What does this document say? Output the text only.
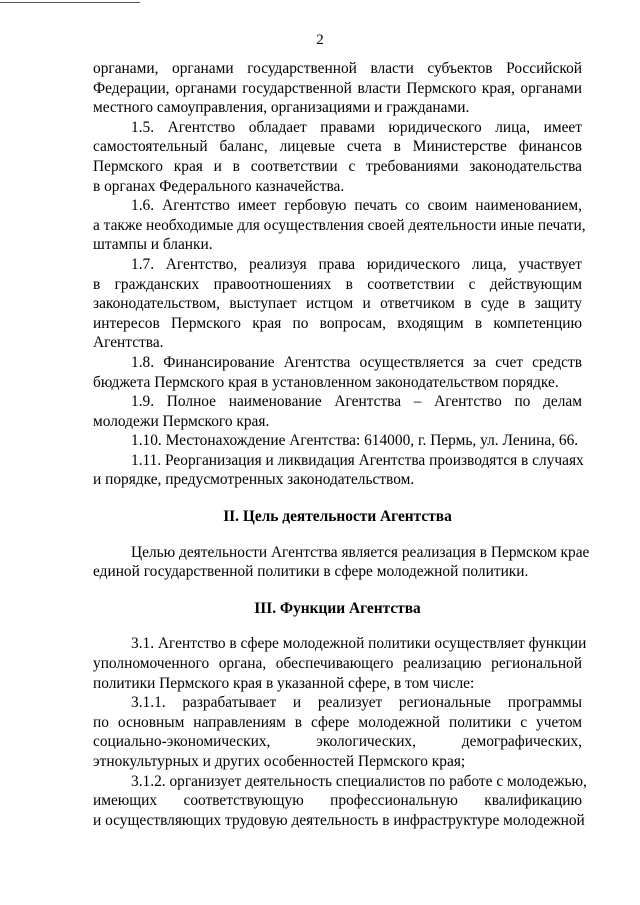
2
органами, органами государственной власти субъектов Российской
Федерации, органами государственной власти Пермского края, органами
местного самоуправления, организациями и гражданами.
1.5. Агентство обладает правами юридического лица, имеет
самостоятельный баланс, лицевые счета в Министерстве финансов
Пермского края и в соответствии с требованиями законодательства
в органах Федерального казначейства.
1.6. Агентство имеет гербовую печать со своим наименованием,
а также необходимые для осуществления своей деятельности иные печати,
штампы и бланки.
1.7. Агентство, реализуя права юридического лица, участвует
в гражданских правоотношениях в соответствии с действующим
законодательством, выступает истцом и ответчиком в суде в защиту
интересов Пермского края по вопросам, входящим в компетенцию
Агентства.
1.8. Финансирование Агентства осуществляется за счет средств
бюджета Пермского края в установленном законодательством порядке.
1.9. Полное наименование Агентства – Агентство по делам
молодежи Пермского края.
1.10. Местонахождение Агентства: 614000, г. Пермь, ул. Ленина, 66.
1.11. Реорганизация и ликвидация Агентства производятся в случаях
и порядке, предусмотренных законодательством.
II. Цель деятельности Агентства
Целью деятельности Агентства является реализация в Пермском крае
единой государственной политики в сфере молодежной политики.
III. Функции Агентства
3.1. Агентство в сфере молодежной политики осуществляет функции
уполномоченного органа, обеспечивающего реализацию региональной
политики Пермского края в указанной сфере, в том числе:
3.1.1. разрабатывает и реализует региональные программы
по основным направлениям в сфере молодежной политики с учетом
социально-экономических, экологических, демографических,
этнокультурных и других особенностей Пермского края;
3.1.2. организует деятельность специалистов по работе с молодежью,
имеющих соответствующую профессиональную квалификацию
и осуществляющих трудовую деятельность в инфраструктуре молодежной
